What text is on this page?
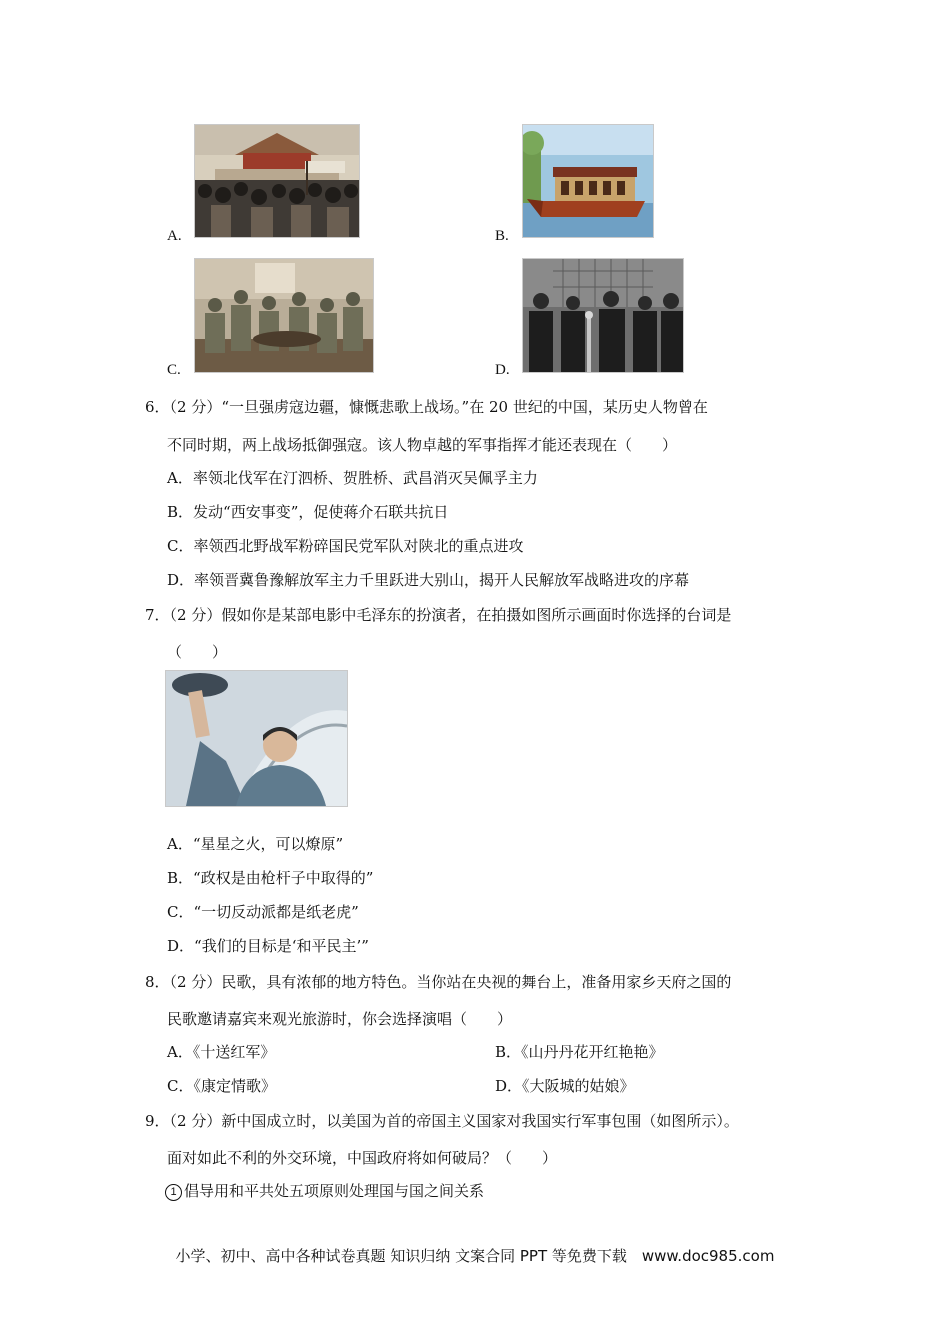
A.	B.
C.	D.
6．（2 分）“一旦强虏寇边疆，慷慨悲歌上战场。”在 20 世纪的中国，某历史人物曾在
不同时期，两上战场抵御强寇。该人物卓越的军事指挥才能还表现在（　　）
A．率领北伐军在汀泗桥、贺胜桥、武昌消灭吴佩孚主力
B．发动“西安事变”，促使蒋介石联共抗日
C．率领西北野战军粉碎国民党军队对陕北的重点进攻
D．率领晋冀鲁豫解放军主力千里跃进大别山，揭开人民解放军战略进攻的序幕
7．（2 分）假如你是某部电影中毛泽东的扮演者，在拍摄如图所示画面时你选择的台词是
（　　）
A．“星星之火，可以燎原”
B．“政权是由枪杆子中取得的”
C．“一切反动派都是纸老虎”
D．“我们的目标是‘和平民主’”
8．（2 分）民歌，具有浓郁的地方特色。当你站在央视的舞台上，准备用家乡天府之国的
民歌邀请嘉宾来观光旅游时，你会选择演唱（　　）
A．《十送红军》	B．《山丹丹花开红艳艳》
C．《康定情歌》	D．《大阪城的姑娘》
9．（2 分）新中国成立时，以美国为首的帝国主义国家对我国实行军事包围（如图所示）。
面对如此不利的外交环境，中国政府将如何破局？（　　）
1 倡导用和平共处五项原则处理国与国之间关系
小学、初中、高中各种试卷真题 知识归纳 文案合同 PPT 等免费下载　www.doc985.com
